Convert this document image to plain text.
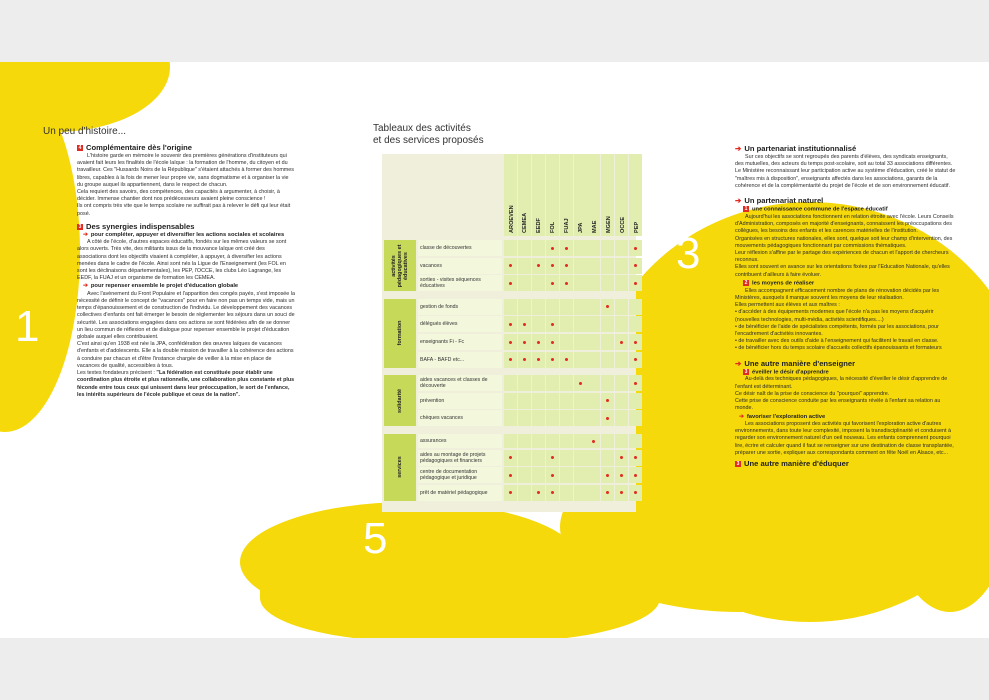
1
5
3
Un peu d'histoire...
4 Complémentaire dès l'origine

L'histoire garde en mémoire le souvenir des premières générations d'instituteurs qui avaient fait leurs les finalités de l'école laïque : la formation de l'homme, du citoyen et du travailleur. Ces "Hussards Noirs de la République" s'étaient attachés à former des hommes libres, capables à la fois de mener leur propre vie, sans dogmatisme et à organiser la vie du groupe auquel ils appartiennent, dans le respect de chacun.

Cela requiert des savoirs, des compétences, des capacités à argumenter, à choisir, à décider. Immense chantier dont nos prédécesseurs avaient pleine conscience !

Ils ont compris très vite que le temps scolaire ne suffirait pas à relever le défi qui leur était posé.

3 Des synergies indispensables
➔ pour compléter, appuyer et diversifier les actions sociales et scolaires

A côté de l'école, d'autres espaces éducatifs, fondés sur les mêmes valeurs se sont alors ouverts. Très vite, des militants issus de la mouvance laïque ont créé des associations dont les objectifs visaient à compléter, à appuyer, à diversifier les actions menées dans le cadre de l'école. Ainsi sont nés la Ligue de l'Enseignement (les FOL en sont les déclinaisons départementales), les PEP, l'OCCE, les clubs Léo Lagrange, les EEDF, la FUAJ et un organisme de formation les CEMEA.

➔ pour repenser ensemble le projet d'éducation globale

Avec l'avènement du Front Populaire et l'apparition des congés payés, s'est imposée la nécessité de définir le concept de "vacances" pour en faire non pas un temps vide, mais un temps d'épanouissement et de construction de l'individu. Le développement des vacances collectives d'enfants ont fait émerger le besoin de réglementer les séjours dans un souci de sécurité. Les associations engagées dans ces actions se sont fédérées afin de se donner un lieu commun de réflexion et de dialogue pour repenser ensemble le projet d'éducation globale auquel elles contribuaient.

C'est ainsi qu'en 1938 est née la JPA, confédération des œuvres laïques de vacances d'enfants et d'adolescents. Elle a la double mission de travailler à la cohérence des actions à conduire par chacun et d'être l'instance chargée de veiller à la mise en place de vacances de qualité, accessibles à tous.

Les textes fondateurs précisent : "La fédération est constituée pour établir une coordination plus étroite et plus rationnelle, une collaboration plus constante et plus féconde entre tous ceux qui unissent dans leur préoccupation, le sort de l'enfance, les intérêts supérieurs de l'école publique et ceux de la nation".

Tableaux des activités
et des services proposés
AROEVEN CEMEA EEDF FOL FUAJ JPA MAE MGEN OCCE PEP
classe de découvertes
vacances
sorties - visites séquences éducatives
activités pédagogiques et éducatives
gestion de fonds
délégués élèves
enseignants Fi - Fc
BAFA - BAFD etc...
formation
aides vacances et classes de découverte
prévention
chèques vacances
solidarité
assurances
aides au montage de projets pédagogiques et financiers
centre de documentation pédagogique et juridique
prêt de matériel pédagogique
services
➔ Un partenariat institutionnalisé

Sur ces objectifs se sont regroupés des parents d'élèves, des syndicats enseignants, des mutuelles, des acteurs du temps post-scolaire, soit au total 33 associations différentes.

Le Ministère reconnaissant leur participation active au système d'éducation, créé le statut de "maîtres mis à disposition", enseignants affectés dans les associations, garants de la cohérence et de la complémentarité du projet de l'école et de son environnement éducatif.

➔ Un partenariat naturel
1 une connaissance commune de l'espace éducatif

Aujourd'hui les associations fonctionnent en relation étroite avec l'école. Leurs Conseils d'Administration, composés en majorité d'enseignants, connaissent les préoccupations des collègues, les besoins des enfants et les carences matérielles de l'institution.

Organisées en structures nationales, elles sont, quelque soit leur champ d'intervention, des mouvements pédagogiques fonctionnant par commissions thématiques.

Leur réflexion s'affine par le partage des expériences de chacun et l'apport de chercheurs reconnus.

Elles sont souvent en avance sur les orientations fixées par l'Education Nationale, qu'elles contribuent d'ailleurs à faire évoluer.

2 les moyens de réaliser

Elles accompagnent efficacement nombre de plans de rénovation décidés par les Ministères, auxquels il manque souvent les moyens de leur réalisation.

Elles permettent aux élèves et aux maîtres :

• d'accéder à des équipements modernes que l'école n'a pas les moyens d'acquérir (nouvelles technologies, multi-média, activités scientifiques....)

• de bénéficier de l'aide de spécialistes compétents, formés par les associations, pour l'encadrement d'activités innovantes.

• de travailler avec des outils d'aide à l'enseignement qui facilitent le travail en classe.

• de bénéficier hors du temps scolaire d'accueils collectifs épanouissants et formateurs

➔ Une autre manière d'enseigner
3 éveiller le désir d'apprendre

Au-delà des techniques pédagogiques, la nécessité d'éveiller le désir d'apprendre de l'enfant est déterminant.

Ce désir naît de la prise de conscience du "pourquoi" apprendre.

Cette prise de conscience conduite par les enseignants révèle à l'enfant sa relation au monde.

➔ favoriser l'exploration active

Les associations proposent des activités qui favorisent l'exploration active d'autres environnements, dans toute leur complexité, imposent la transdisciplinarité et conduisent à regarder son environnement naturel d'un oeil nouveau. Les enfants comprennent pourquoi lire, écrire et calculer quand il faut se renseigner sur une destination de classe transplantée, préparer une sortie, expliquer aux correspondants comment on fête Noël en Alsace, etc...

3 Une autre manière d'éduquer
